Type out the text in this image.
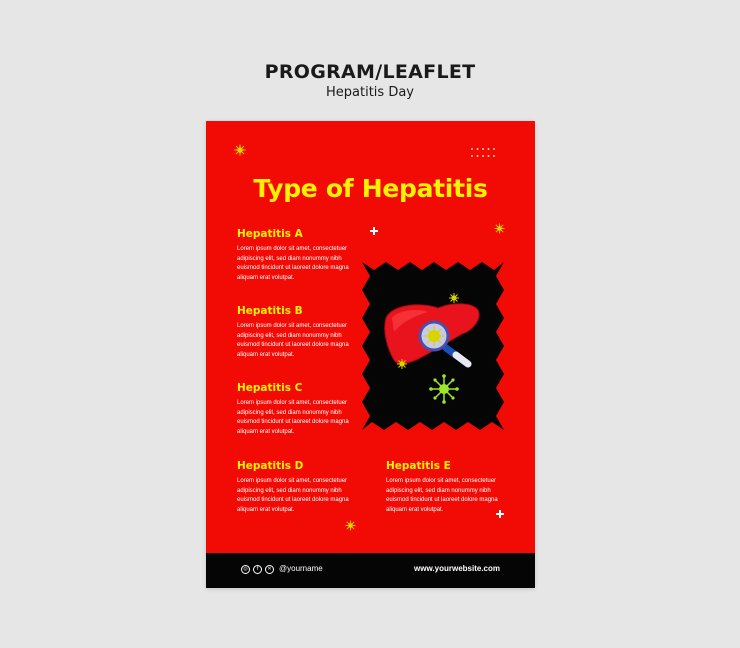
PROGRAM/LEAFLET
Hepatitis Day
Type of Hepatitis
Hepatitis A

Lorem ipsum dolor sit amet, consectetuer adipiscing elit, sed diam nonummy nibh euismod tincidunt ut laoreet dolore magna aliquam erat volutpat.

Hepatitis B

Lorem ipsum dolor sit amet, consectetuer adipiscing elit, sed diam nonummy nibh euismod tincidunt ut laoreet dolore magna aliquam erat volutpat.

Hepatitis C

Lorem ipsum dolor sit amet, consectetuer adipiscing elit, sed diam nonummy nibh euismod tincidunt ut laoreet dolore magna aliquam erat volutpat.

Hepatitis D

Lorem ipsum dolor sit amet, consectetuer adipiscing elit, sed diam nonummy nibh euismod tincidunt ut laoreet dolore magna aliquam erat volutpat.

Hepatitis E

Lorem ipsum dolor sit amet, consectetuer adipiscing elit, sed diam nonummy nibh euismod tincidunt ut laoreet dolore magna aliquam erat volutpat.

◎	f	✕ @yourname	www.yourwebsite.com
